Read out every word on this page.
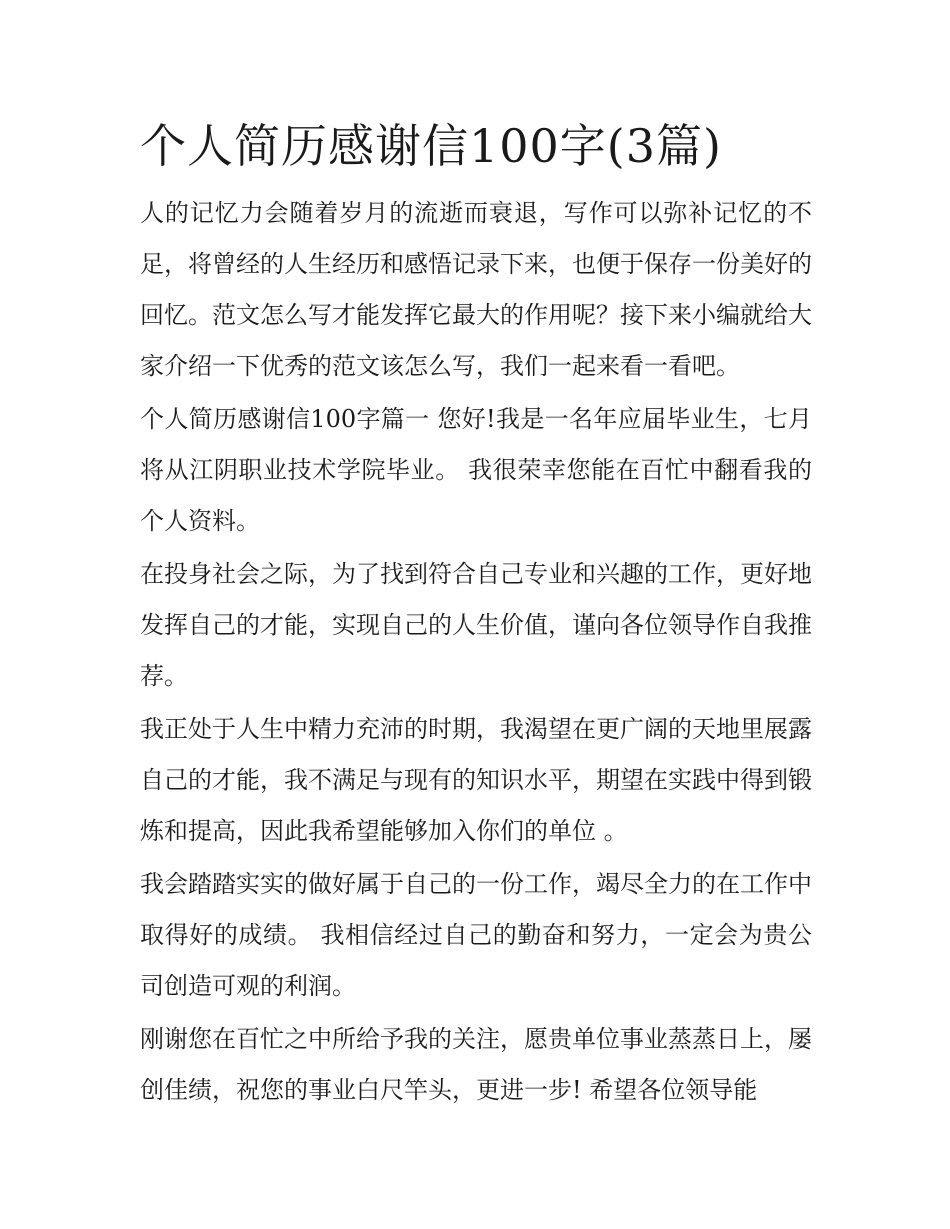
个人简历感谢信100字(3篇)

人的记忆力会随着岁月的流逝而衰退，写作可以弥补记忆的不足，将曾经的人生经历和感悟记录下来，也便于保存一份美好的回忆。范文怎么写才能发挥它最大的作用呢？接下来小编就给大家介绍一下优秀的范文该怎么写，我们一起来看一看吧。

个人简历感谢信100字篇一 您好!我是一名年应届毕业生，七月将从江阴职业技术学院毕业。 我很荣幸您能在百忙中翻看我的个人资料。

在投身社会之际，为了找到符合自己专业和兴趣的工作，更好地发挥自己的才能，实现自己的人生价值，谨向各位领导作自我推荐。

我正处于人生中精力充沛的时期，我渴望在更广阔的天地里展露自己的才能，我不满足与现有的知识水平，期望在实践中得到锻炼和提高，因此我希望能够加入你们的单位 。

我会踏踏实实的做好属于自己的一份工作，竭尽全力的在工作中取得好的成绩。 我相信经过自己的勤奋和努力，一定会为贵公司创造可观的利润。

刚谢您在百忙之中所给予我的关注，愿贵单位事业蒸蒸日上，屡创佳绩，祝您的事业白尺竿头，更进一步! 希望各位领导能
